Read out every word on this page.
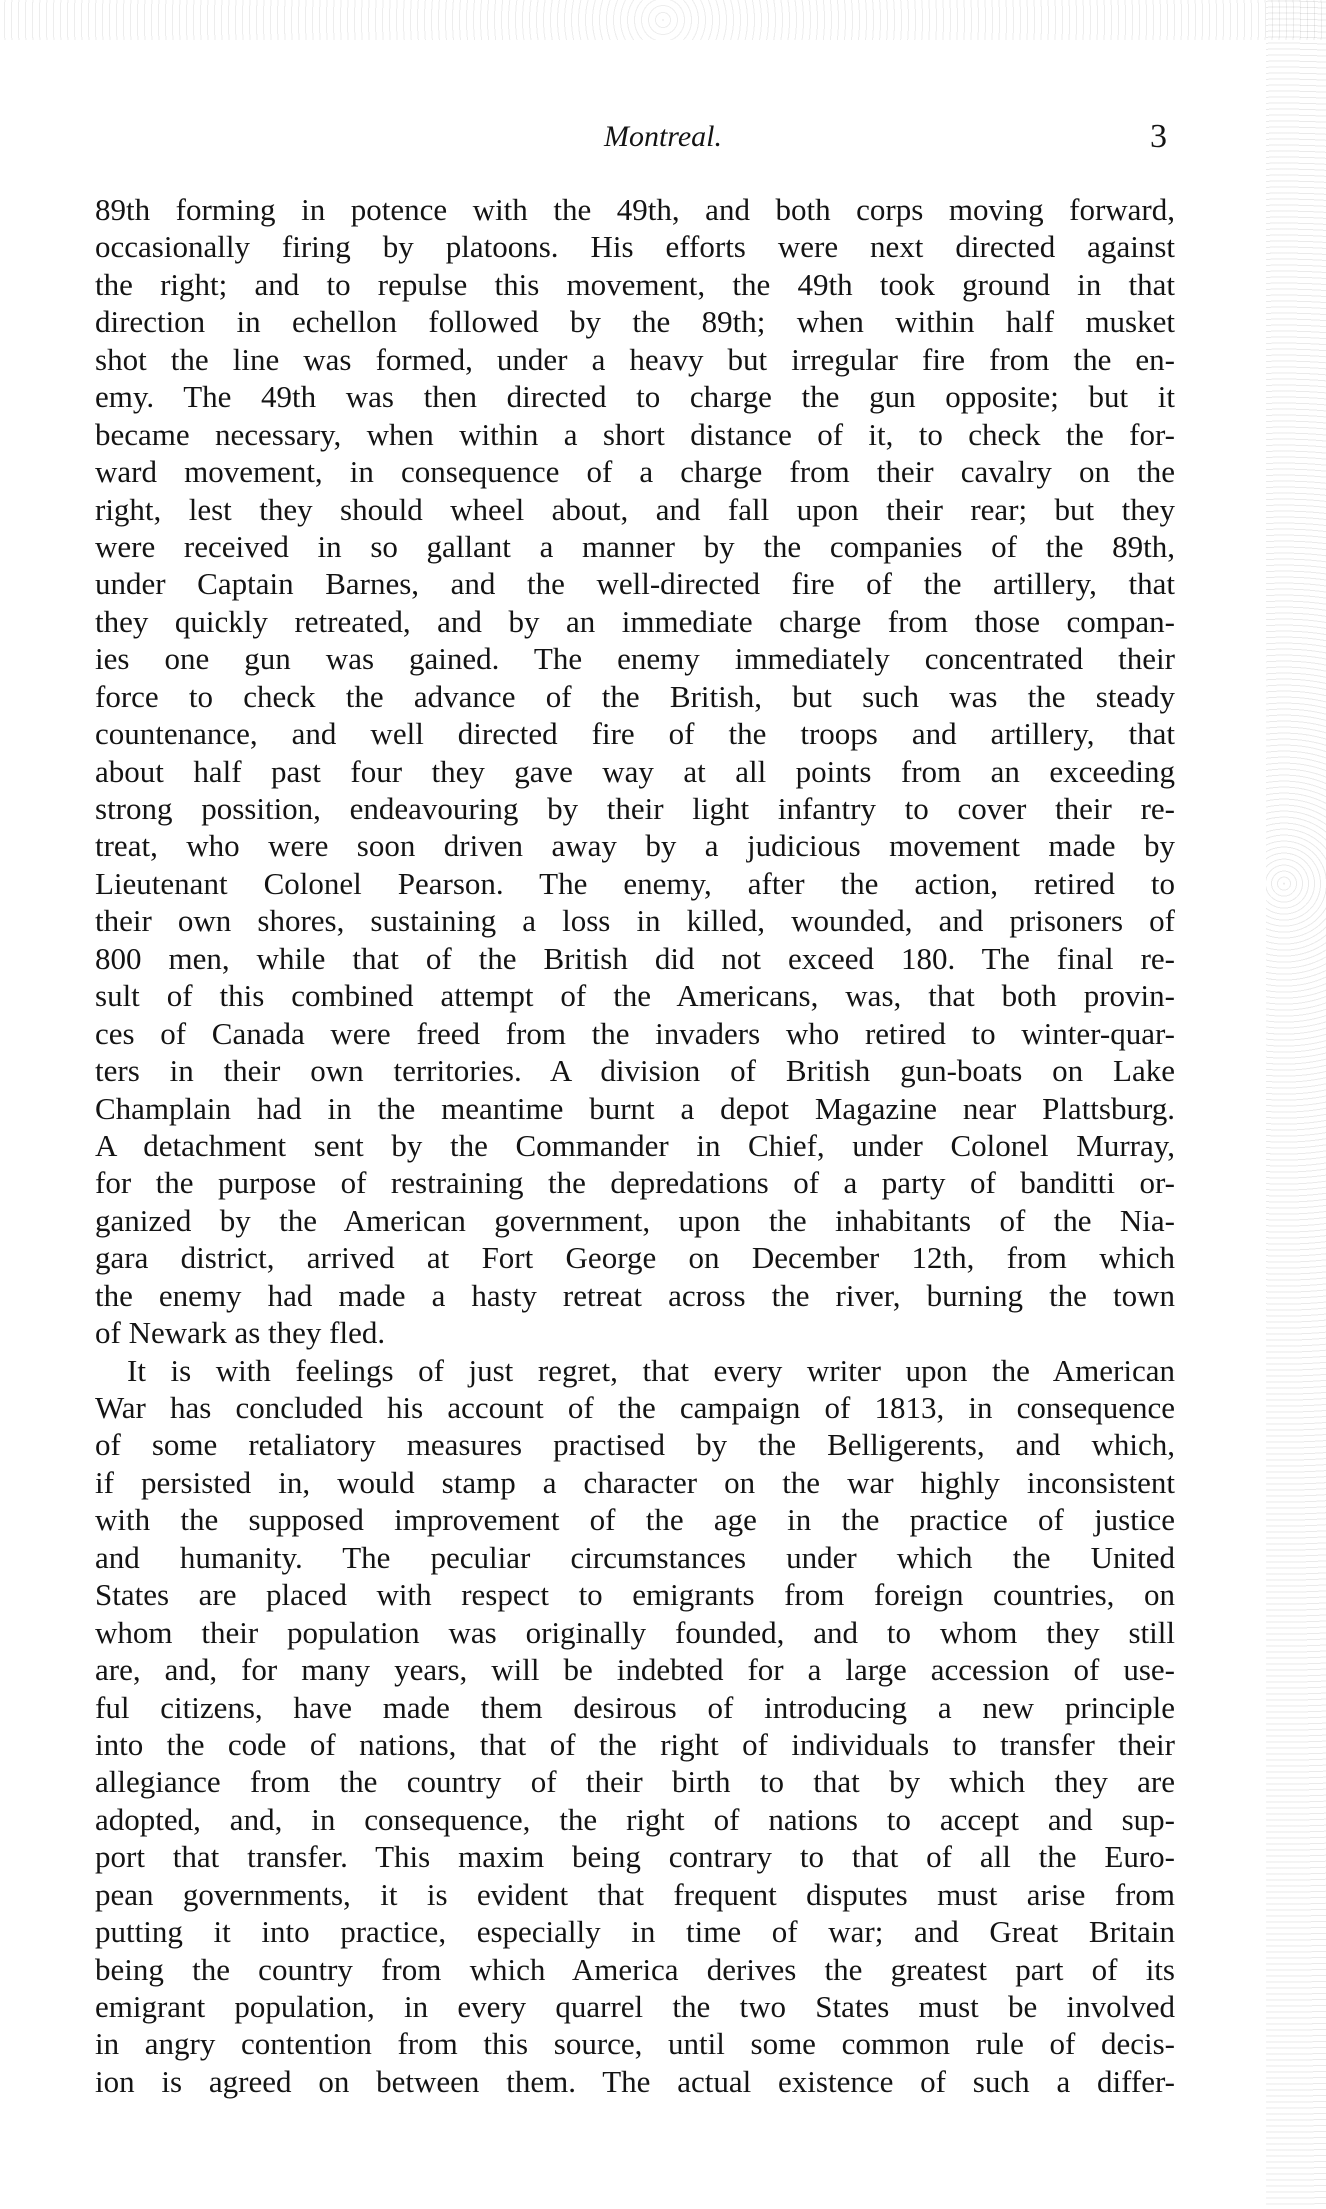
Montreal.	3
89th forming in potence with the 49th, and both corps moving forward,
occasionally firing by platoons. His efforts were next directed against
the right; and to repulse this movement, the 49th took ground in that
direction in echellon followed by the 89th; when within half musket
shot the line was formed, under a heavy but irregular fire from the en-
emy. The 49th was then directed to charge the gun opposite; but it
became necessary, when within a short distance of it, to check the for-
ward movement, in consequence of a charge from their cavalry on the
right, lest they should wheel about, and fall upon their rear; but they
were received in so gallant a manner by the companies of the 89th,
under Captain Barnes, and the well-directed fire of the artillery, that
they quickly retreated, and by an immediate charge from those compan-
ies one gun was gained. The enemy immediately concentrated their
force to check the advance of the British, but such was the steady
countenance, and well directed fire of the troops and artillery, that
about half past four they gave way at all points from an exceeding
strong possition, endeavouring by their light infantry to cover their re-
treat, who were soon driven away by a judicious movement made by
Lieutenant Colonel Pearson. The enemy, after the action, retired to
their own shores, sustaining a loss in killed, wounded, and prisoners of
800 men, while that of the British did not exceed 180. The final re-
sult of this combined attempt of the Americans, was, that both provin-
ces of Canada were freed from the invaders who retired to winter-quar-
ters in their own territories. A division of British gun-boats on Lake
Champlain had in the meantime burnt a depot Magazine near Plattsburg.
A detachment sent by the Commander in Chief, under Colonel Murray,
for the purpose of restraining the depredations of a party of banditti or-
ganized by the American government, upon the inhabitants of the Nia-
gara district, arrived at Fort George on December 12th, from which
the enemy had made a hasty retreat across the river, burning the town
of Newark as they fled.
It is with feelings of just regret, that every writer upon the American
War has concluded his account of the campaign of 1813, in consequence
of some retaliatory measures practised by the Belligerents, and which,
if persisted in, would stamp a character on the war highly inconsistent
with the supposed improvement of the age in the practice of justice
and humanity. The peculiar circumstances under which the United
States are placed with respect to emigrants from foreign countries, on
whom their population was originally founded, and to whom they still
are, and, for many years, will be indebted for a large accession of use-
ful citizens, have made them desirous of introducing a new principle
into the code of nations, that of the right of individuals to transfer their
allegiance from the country of their birth to that by which they are
adopted, and, in consequence, the right of nations to accept and sup-
port that transfer. This maxim being contrary to that of all the Euro-
pean governments, it is evident that frequent disputes must arise from
putting it into practice, especially in time of war; and Great Britain
being the country from which America derives the greatest part of its
emigrant population, in every quarrel the two States must be involved
in angry contention from this source, until some common rule of decis-
ion is agreed on between them. The actual existence of such a differ-
